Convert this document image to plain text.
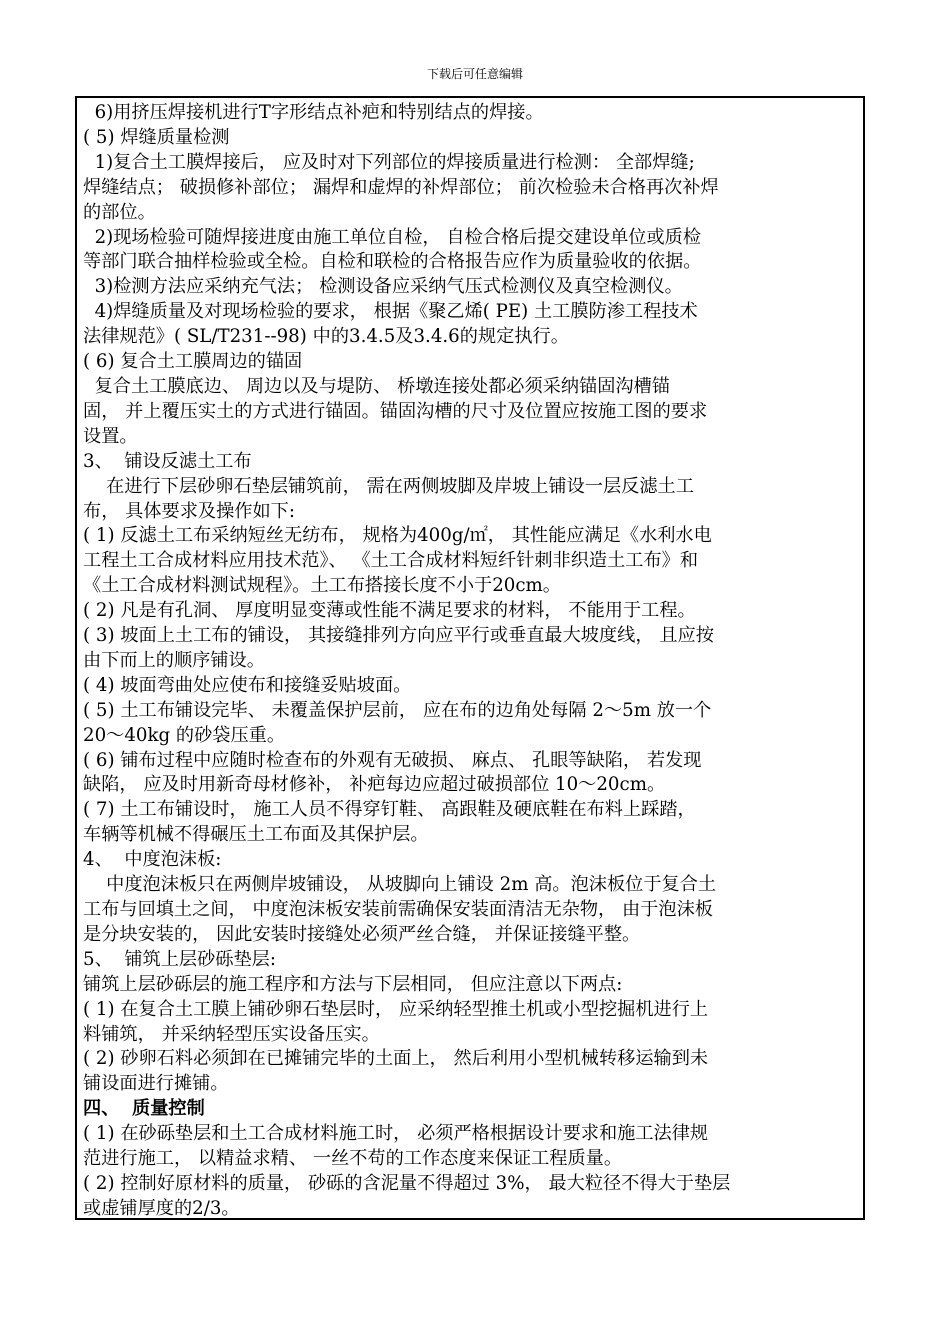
下载后可任意编辑

6)用挤压焊接机进行T字形结点补疤和特别结点的焊接。

( 5) 焊缝质量检测

1)复合土工膜焊接后， 应及时对下列部位的焊接质量进行检测： 全部焊缝;

焊缝结点； 破损修补部位； 漏焊和虚焊的补焊部位； 前次检验未合格再次补焊

的部位。

2)现场检验可随焊接进度由施工单位自检， 自检合格后提交建设单位或质检

等部门联合抽样检验或全检。自检和联检的合格报告应作为质量验收的依据。

3)检测方法应采纳充气法； 检测设备应采纳气压式检测仪及真空检测仪。

4)焊缝质量及对现场检验的要求， 根据《聚乙烯( PE) 土工膜防渗工程技术

法律规范》( SL/T231--98) 中的3.4.5及3.4.6的规定执行。

( 6) 复合土工膜周边的锚固

复合土工膜底边、 周边以及与堤防、 桥墩连接处都必须采纳锚固沟槽锚

固， 并上覆压实土的方式进行锚固。锚固沟槽的尺寸及位置应按施工图的要求

设置。

3、  铺设反滤土工布

在进行下层砂卵石垫层铺筑前， 需在两侧坡脚及岸坡上铺设一层反滤土工

布， 具体要求及操作如下:

( 1) 反滤土工布采纳短丝无纺布， 规格为400g/㎡， 其性能应满足《水利水电

工程土工合成材料应用技术范》、 《土工合成材料短纤针刺非织造土工布》和

《土工合成材料测试规程》。土工布搭接长度不小于20cm。

( 2) 凡是有孔洞、 厚度明显变薄或性能不满足要求的材料， 不能用于工程。

( 3) 坡面上土工布的铺设， 其接缝排列方向应平行或垂直最大坡度线， 且应按

由下而上的顺序铺设。

( 4) 坡面弯曲处应使布和接缝妥贴坡面。

( 5) 土工布铺设完毕、 未覆盖保护层前， 应在布的边角处每隔 2～5m 放一个

20～40kg 的砂袋压重。

( 6) 铺布过程中应随时检查布的外观有无破损、 麻点、 孔眼等缺陷， 若发现

缺陷， 应及时用新奇母材修补， 补疤每边应超过破损部位 10～20cm。

( 7) 土工布铺设时， 施工人员不得穿钉鞋、 高跟鞋及硬底鞋在布料上踩踏，

车辆等机械不得碾压土工布面及其保护层。

4、  中度泡沫板:

中度泡沫板只在两侧岸坡铺设， 从坡脚向上铺设 2m 高。泡沫板位于复合土

工布与回填土之间， 中度泡沫板安装前需确保安装面清洁无杂物， 由于泡沫板

是分块安装的， 因此安装时接缝处必须严丝合缝， 并保证接缝平整。

5、  铺筑上层砂砾垫层:

铺筑上层砂砾层的施工程序和方法与下层相同， 但应注意以下两点:

( 1) 在复合土工膜上铺砂卵石垫层时， 应采纳轻型推土机或小型挖掘机进行上

料铺筑， 并采纳轻型压实设备压实。

( 2) 砂卵石料必须卸在已摊铺完毕的土面上， 然后利用小型机械转移运输到未

铺设面进行摊铺。

四、  质量控制

( 1) 在砂砾垫层和土工合成材料施工时， 必须严格根据设计要求和施工法律规

范进行施工， 以精益求精、 一丝不苟的工作态度来保证工程质量。

( 2) 控制好原材料的质量， 砂砾的含泥量不得超过 3%， 最大粒径不得大于垫层

或虚铺厚度的2/3。
